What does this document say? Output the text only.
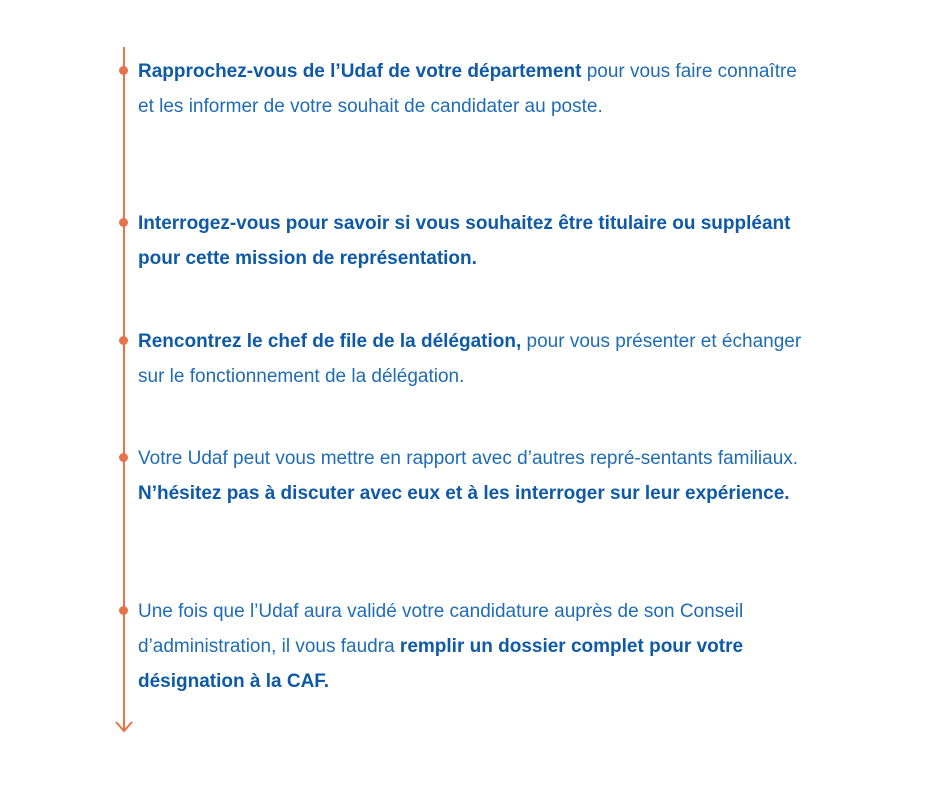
Rapprochez-vous de l’Udaf de votre département pour vous faire connaître et les informer de votre souhait de candidater au poste.

Interrogez-vous pour savoir si vous souhaitez être titulaire ou suppléant pour cette mission de représentation.

Rencontrez le chef de file de la délégation, pour vous présenter et échanger sur le fonctionnement de la délégation.

Votre Udaf peut vous mettre en rapport avec d’autres repré-sentants familiaux. N’hésitez pas à discuter avec eux et à les interroger sur leur expérience.

Une fois que l’Udaf aura validé votre candidature auprès de son Conseil d’administration, il vous faudra remplir un dossier complet pour votre désignation à la CAF.
